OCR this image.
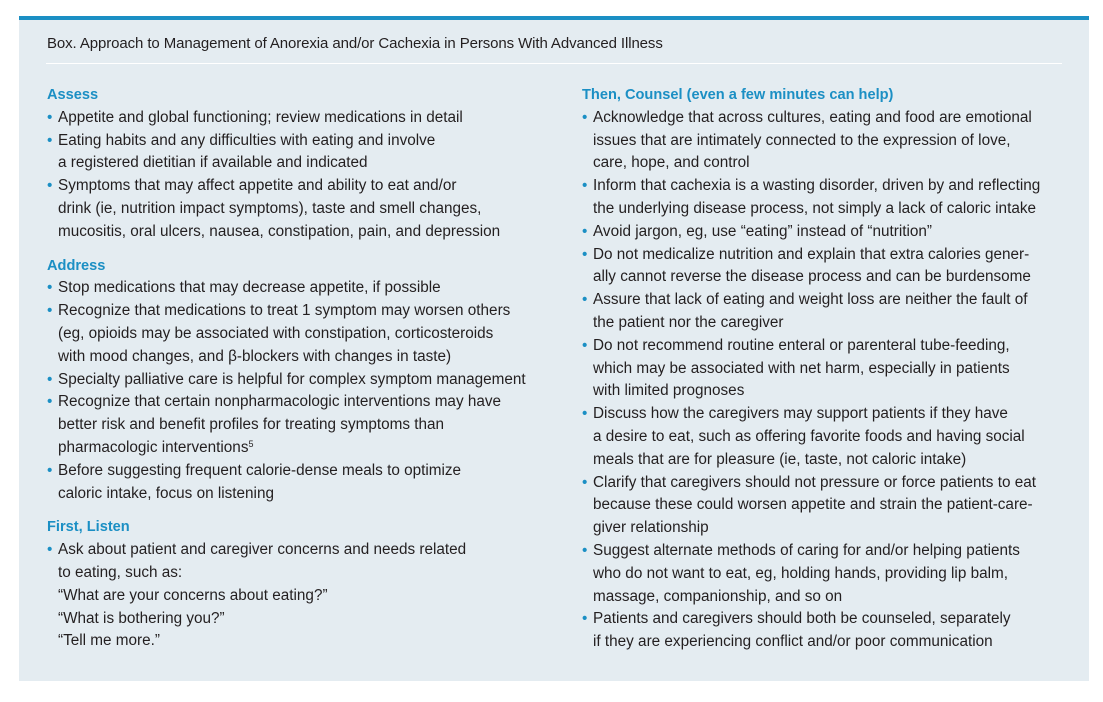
Box. Approach to Management of Anorexia and/or Cachexia in Persons With Advanced Illness
Assess
• Appetite and global functioning; review medications in detail
• Eating habits and any difficulties with eating and involve
a registered dietitian if available and indicated
• Symptoms that may affect appetite and ability to eat and/or
drink (ie, nutrition impact symptoms), taste and smell changes,
mucositis, oral ulcers, nausea, constipation, pain, and depression
Address
• Stop medications that may decrease appetite, if possible
• Recognize that medications to treat 1 symptom may worsen others
(eg, opioids may be associated with constipation, corticosteroids
with mood changes, and β-blockers with changes in taste)
• Specialty palliative care is helpful for complex symptom management
• Recognize that certain nonpharmacologic interventions may have
better risk and benefit profiles for treating symptoms than
pharmacologic interventions$^5$
• Before suggesting frequent calorie-dense meals to optimize
caloric intake, focus on listening
First, Listen
• Ask about patient and caregiver concerns and needs related
to eating, such as:
“What are your concerns about eating?”
“What is bothering you?”
“Tell me more.”
Then, Counsel (even a few minutes can help)
• Acknowledge that across cultures, eating and food are emotional
issues that are intimately connected to the expression of love,
care, hope, and control
• Inform that cachexia is a wasting disorder, driven by and reflecting
the underlying disease process, not simply a lack of caloric intake
• Avoid jargon, eg, use “eating” instead of “nutrition”
• Do not medicalize nutrition and explain that extra calories gener-
ally cannot reverse the disease process and can be burdensome
• Assure that lack of eating and weight loss are neither the fault of
the patient nor the caregiver
• Do not recommend routine enteral or parenteral tube-feeding,
which may be associated with net harm, especially in patients
with limited prognoses
• Discuss how the caregivers may support patients if they have
a desire to eat, such as offering favorite foods and having social
meals that are for pleasure (ie, taste, not caloric intake)
• Clarify that caregivers should not pressure or force patients to eat
because these could worsen appetite and strain the patient-care-
giver relationship
• Suggest alternate methods of caring for and/or helping patients
who do not want to eat, eg, holding hands, providing lip balm,
massage, companionship, and so on
• Patients and caregivers should both be counseled, separately
if they are experiencing conflict and/or poor communication
